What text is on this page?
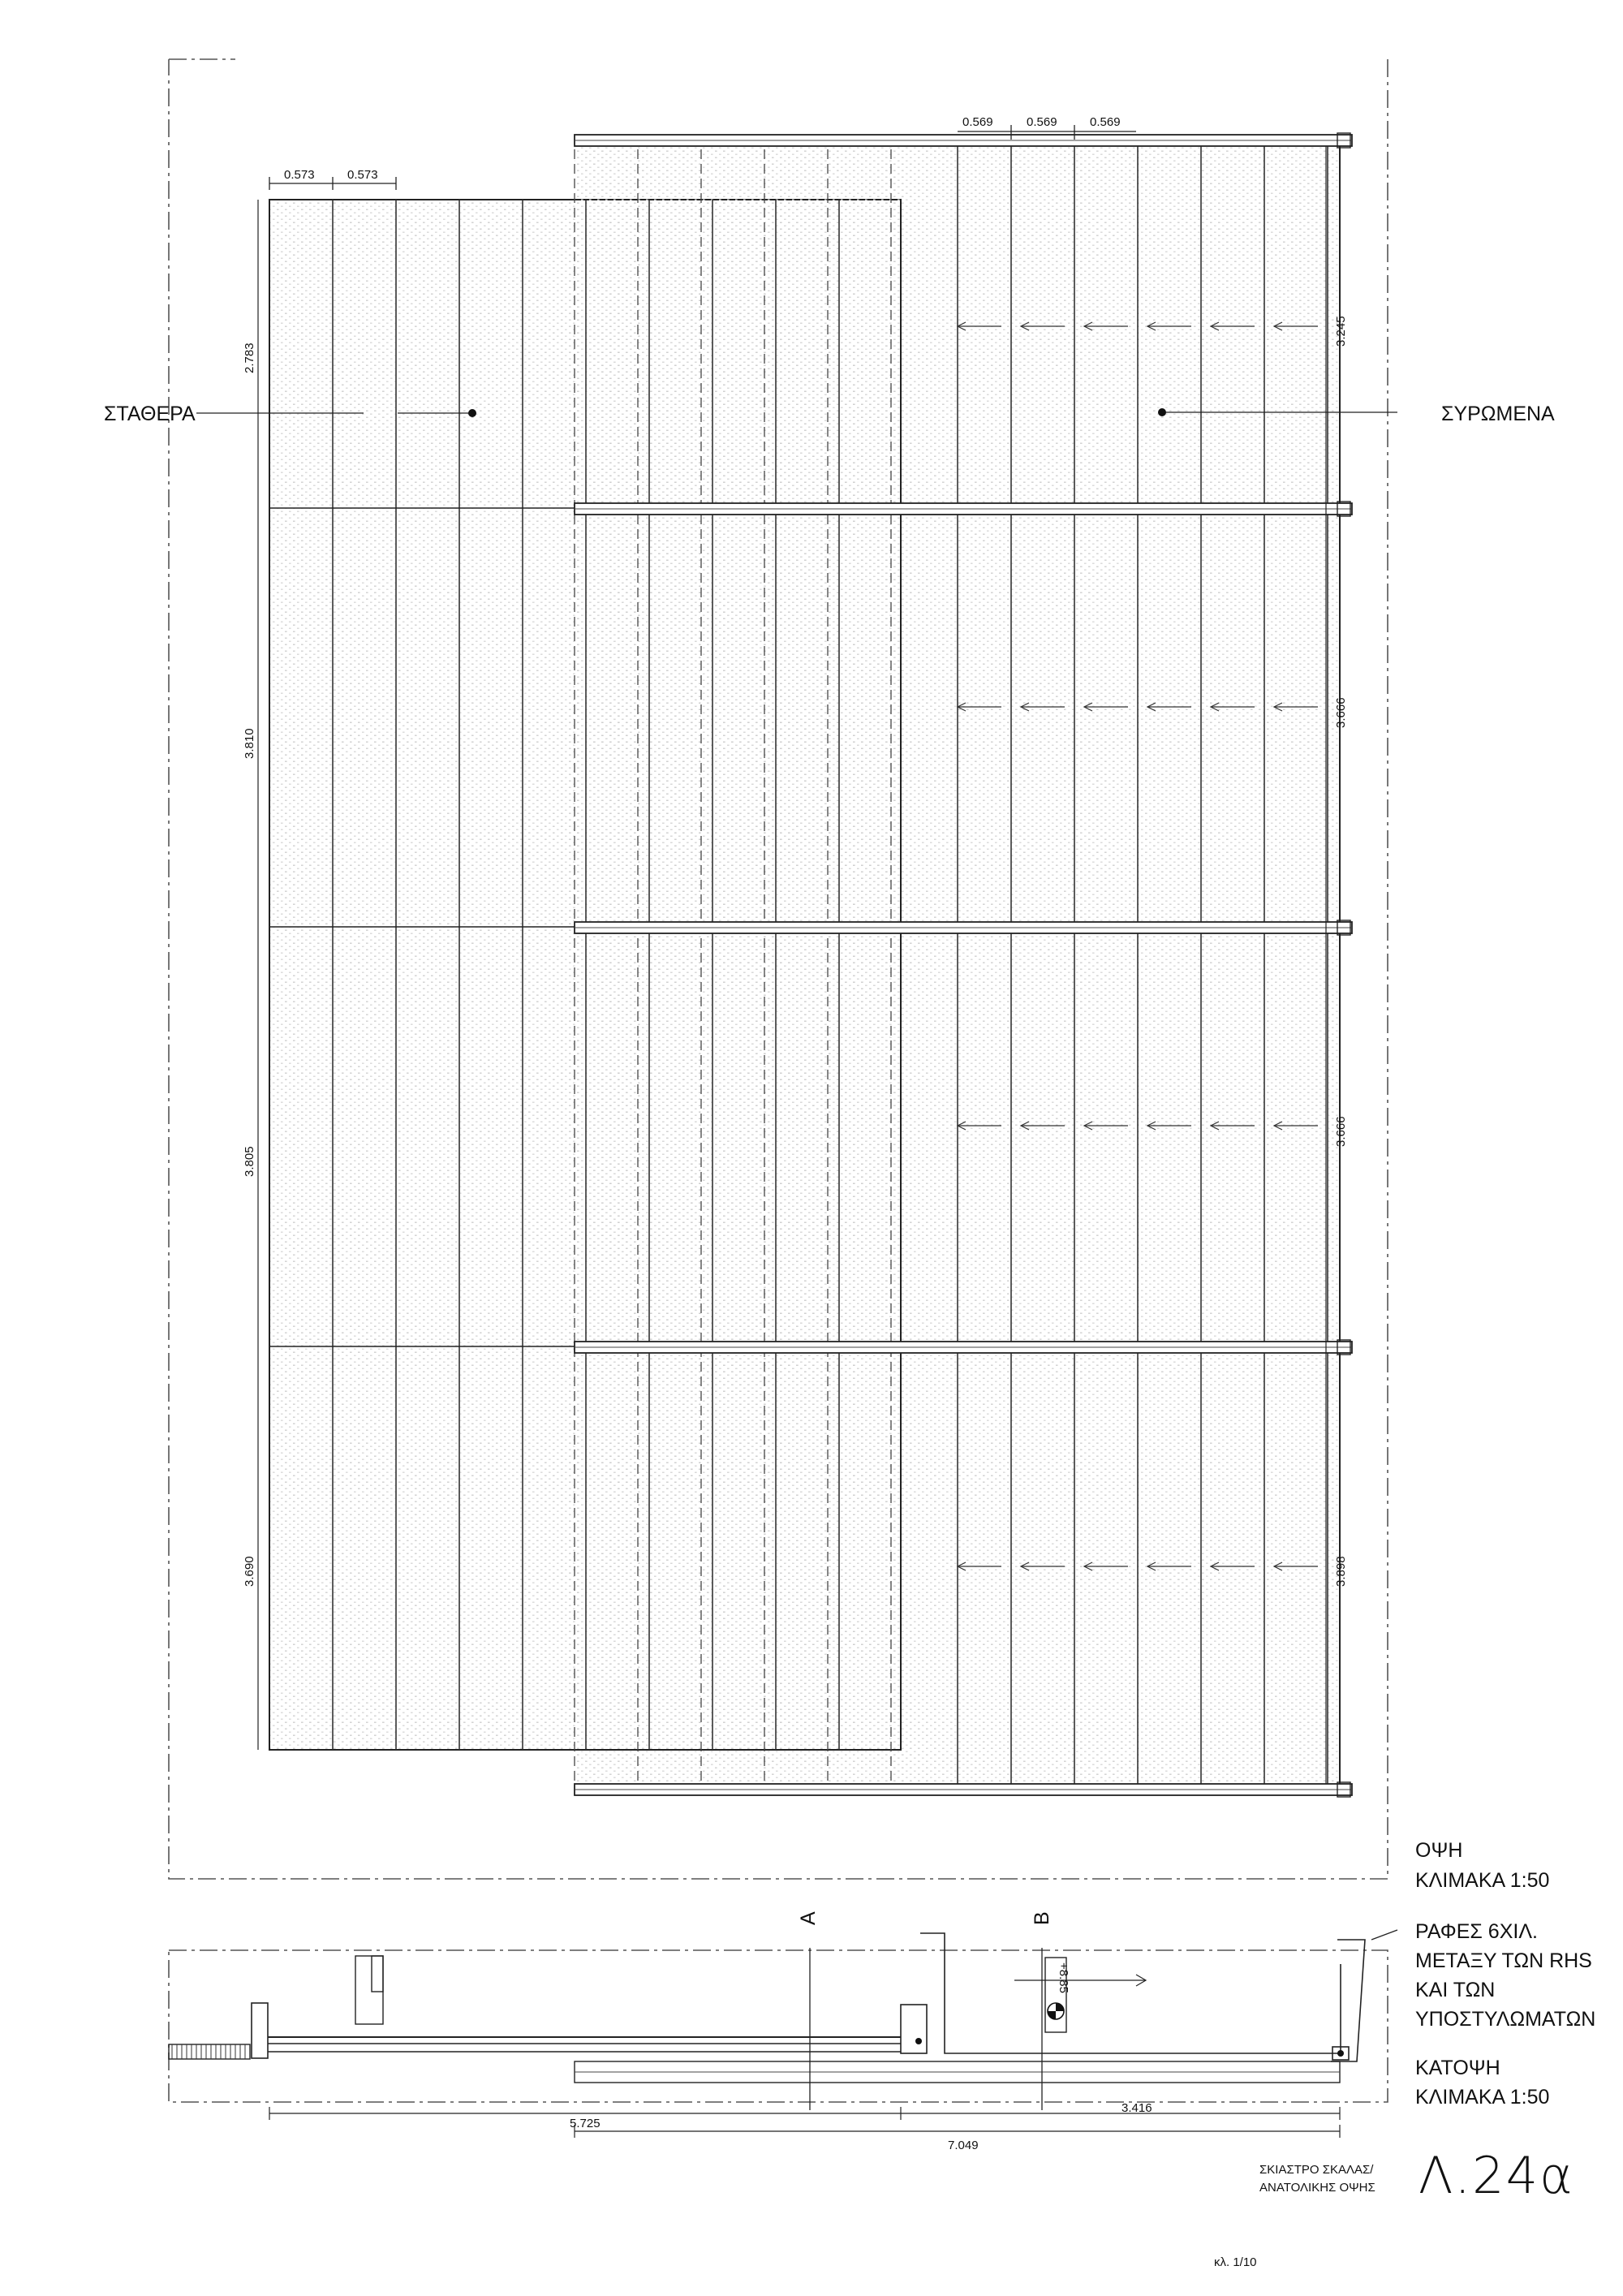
0.573	0.573
0.569	0.569	0.569
2.783
3.810
3.805
3.690
3.245
3.666
3.666
3.898
ΣΤΑΘΕΡΑ	ΣΥΡΩΜΕΝΑ
ΟΨΗ
ΚΛΙΜΑΚΑ 1:50
A	B
+8.85
ΡΑΦΕΣ 6ΧΙΛ.
ΜΕΤΑΞΥ ΤΩΝ RHS
ΚΑΙ ΤΩΝ
ΥΠΟΣΤΥΛΩΜΑΤΩΝ
ΚΑΤΟΨΗ
ΚΛΙΜΑΚΑ 1:50
5.725
3.416
7.049
ΣΚΙΑΣΤΡΟ ΣΚΑΛΑΣ/
ΑΝΑΤΟΛΙΚΗΣ ΟΨΗΣ Λ.24α
κλ. 1/10
